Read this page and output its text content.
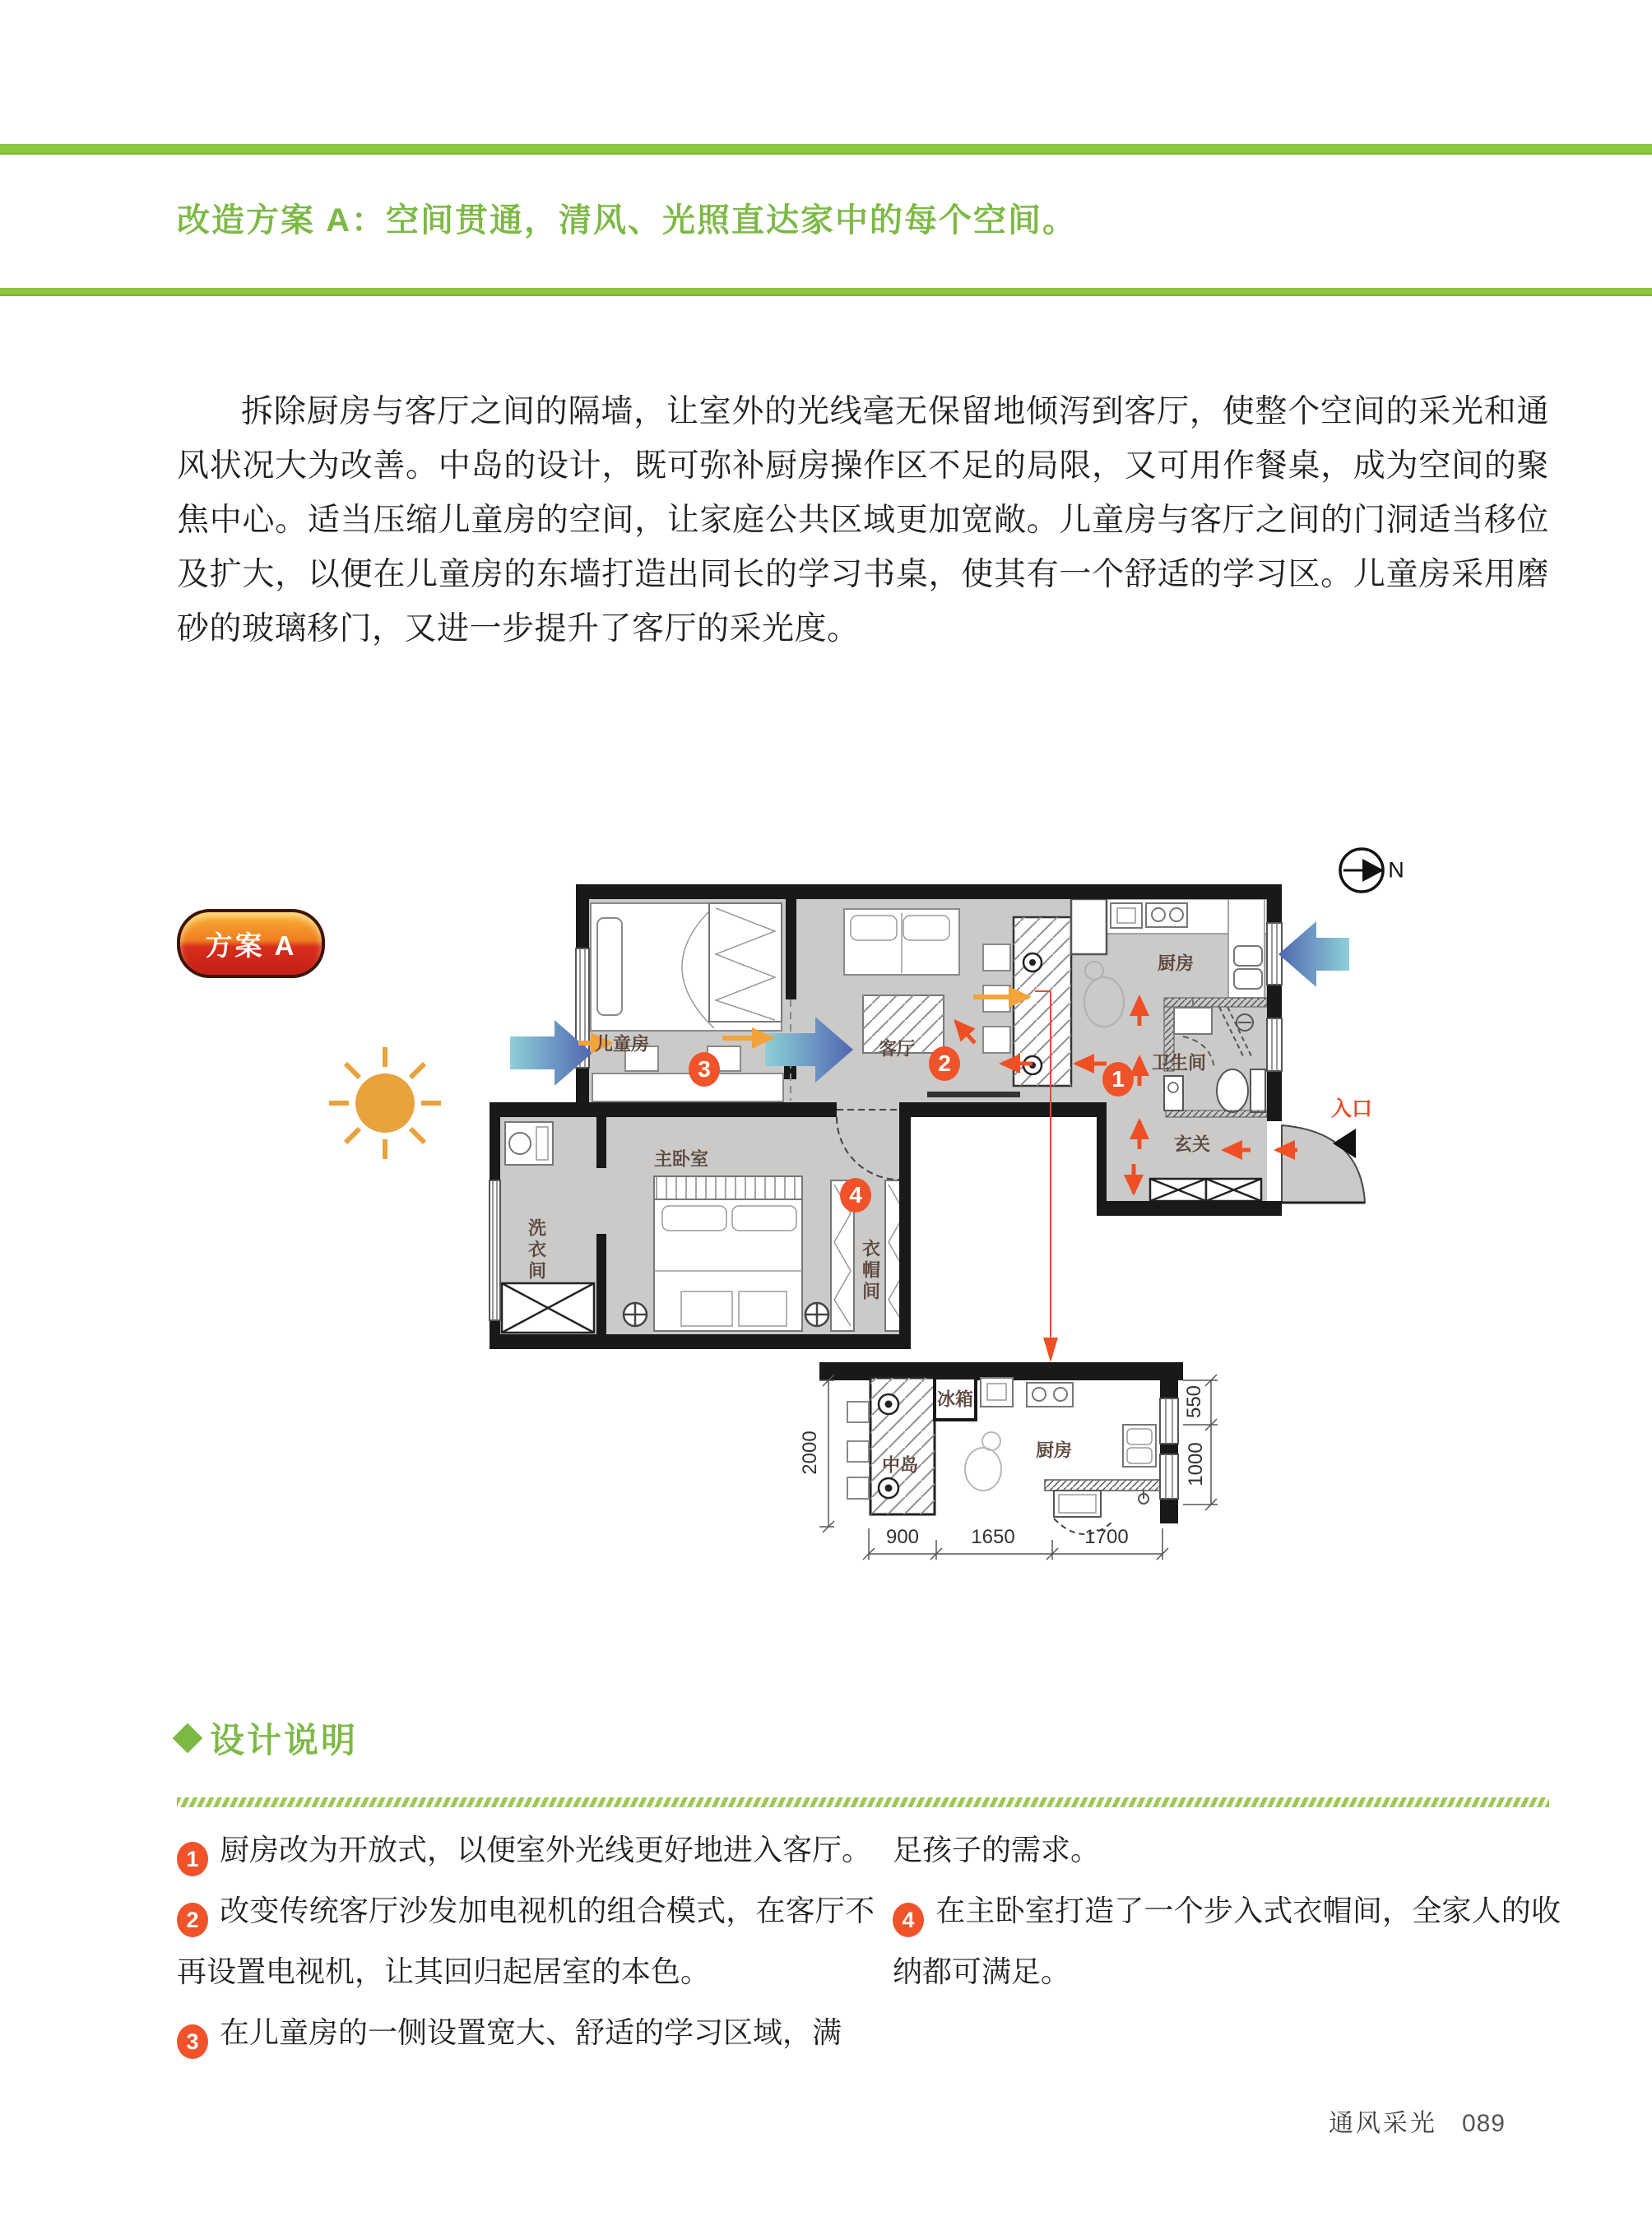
改造方案 A：空间贯通，清风、光照直达家中的每个空间。
拆除厨房与客厅之间的隔墙，让室外的光线毫无保留地倾泻到客厅，使整个空间的采光和通风状况大为改善。中岛的设计，既可弥补厨房操作区不足的局限，又可用作餐桌，成为空间的聚焦中心。适当压缩儿童房的空间，让家庭公共区域更加宽敞。儿童房与客厅之间的门洞适当移位及扩大，以便在儿童房的东墙打造出同长的学习书桌，使其有一个舒适的学习区。儿童房采用磨砂的玻璃移门，又进一步提升了客厅的采光度。
方案 A
儿童房	客厅
厨房
卫生间
玄关
主卧室
洗衣间	衣帽间
入口
N
中岛
冰箱
厨房
1
2
3
4
2000
550
1000
900	1650	1700
设计说明

1 厨房改为开放式，以便室外光线更好地进入客厅。

2 改变传统客厅沙发加电视机的组合模式，在客厅不再设置电视机，让其回归起居室的本色。

3 在儿童房的一侧设置宽大、舒适的学习区域，满

足孩子的需求。

4 在主卧室打造了一个步入式衣帽间，全家人的收纳都可满足。

通风采光 089
